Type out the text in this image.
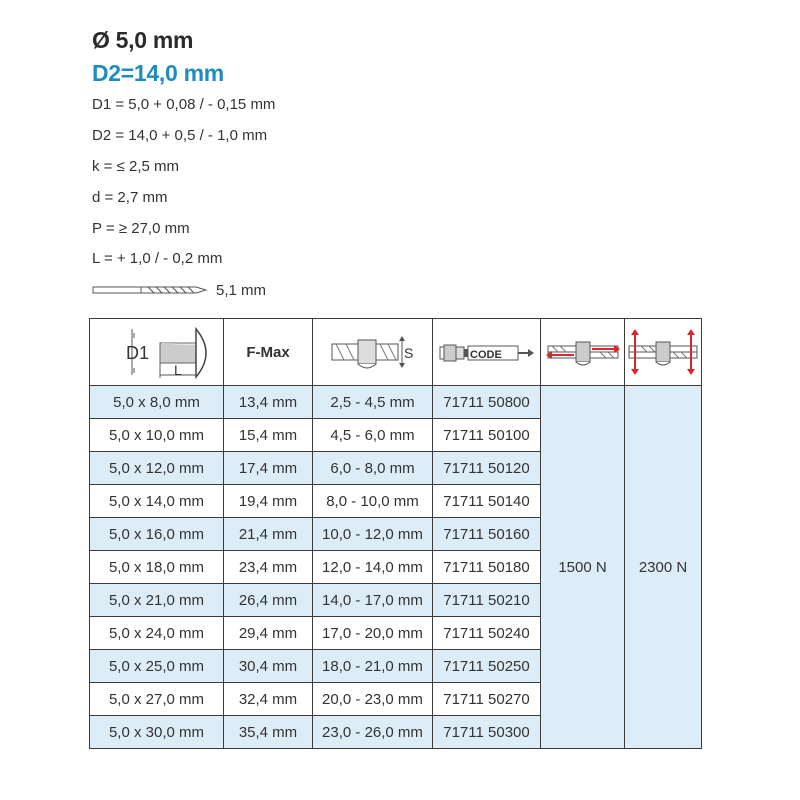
Ø 5,0 mm
D2=14,0 mm
D1 = 5,0 + 0,08 / - 0,15 mm
D2 = 14,0 + 0,5 / - 1,0 mm
k = ≤ 2,5 mm
d = 2,7 mm
P = ≥ 27,0 mm
L = + 1,0 / - 0,2 mm
5,1 mm
D1
L	F-Max	S	CODE

5,0 x 8,0 mm	13,4 mm	2,5 - 4,5 mm	71711 50800	1500 N	2300 N
5,0 x 10,0 mm	15,4 mm	4,5 - 6,0 mm	71711 50100		
5,0 x 12,0 mm	17,4 mm	6,0 - 8,0 mm	71711 50120		
5,0 x 14,0 mm	19,4 mm	8,0 - 10,0 mm	71711 50140		
5,0 x 16,0 mm	21,4 mm	10,0 - 12,0 mm	71711 50160		
5,0 x 18,0 mm	23,4 mm	12,0 - 14,0 mm	71711 50180		
5,0 x 21,0 mm	26,4 mm	14,0 - 17,0 mm	71711 50210		
5,0 x 24,0 mm	29,4 mm	17,0 - 20,0 mm	71711 50240		
5,0 x 25,0 mm	30,4 mm	18,0 - 21,0 mm	71711 50250		
5,0 x 27,0 mm	32,4 mm	20,0 - 23,0 mm	71711 50270		
5,0 x 30,0 mm	35,4 mm	23,0 - 26,0 mm	71711 50300		
